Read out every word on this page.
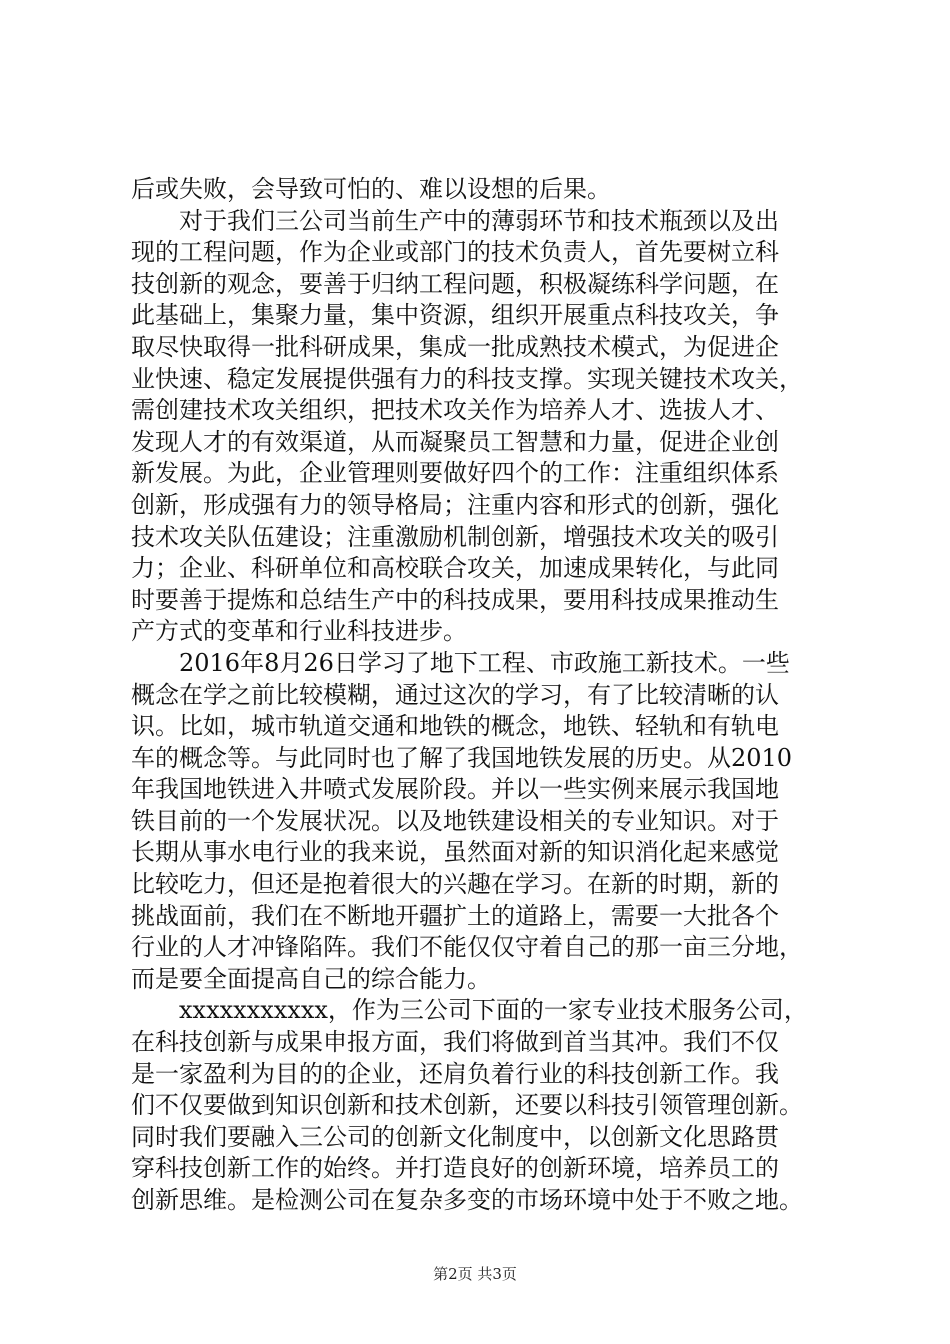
后或失败，会导致可怕的、难以设想的后果。
对于我们三公司当前生产中的薄弱环节和技术瓶颈以及出
现的工程问题，作为企业或部门的技术负责人，首先要树立科
技创新的观念，要善于归纳工程问题，积极凝练科学问题，在
此基础上，集聚力量，集中资源，组织开展重点科技攻关，争
取尽快取得一批科研成果，集成一批成熟技术模式，为促进企
业快速、稳定发展提供强有力的科技支撑。实现关键技术攻关，
需创建技术攻关组织，把技术攻关作为培养人才、选拔人才、
发现人才的有效渠道，从而凝聚员工智慧和力量，促进企业创
新发展。为此，企业管理则要做好四个的工作：注重组织体系
创新，形成强有力的领导格局；注重内容和形式的创新，强化
技术攻关队伍建设；注重激励机制创新，增强技术攻关的吸引
力；企业、科研单位和高校联合攻关，加速成果转化，与此同
时要善于提炼和总结生产中的科技成果，要用科技成果推动生
产方式的变革和行业科技进步。
2016年8月26日学习了地下工程、市政施工新技术。一些
概念在学之前比较模糊，通过这次的学习，有了比较清晰的认
识。比如，城市轨道交通和地铁的概念，地铁、轻轨和有轨电
车的概念等。与此同时也了解了我国地铁发展的历史。从2010
年我国地铁进入井喷式发展阶段。并以一些实例来展示我国地
铁目前的一个发展状况。以及地铁建设相关的专业知识。对于
长期从事水电行业的我来说，虽然面对新的知识消化起来感觉
比较吃力，但还是抱着很大的兴趣在学习。在新的时期，新的
挑战面前，我们在不断地开疆扩土的道路上，需要一大批各个
行业的人才冲锋陷阵。我们不能仅仅守着自己的那一亩三分地，
而是要全面提高自己的综合能力。
xxxxxxxxxxx，作为三公司下面的一家专业技术服务公司，
在科技创新与成果申报方面，我们将做到首当其冲。我们不仅
是一家盈利为目的的企业，还肩负着行业的科技创新工作。我
们不仅要做到知识创新和技术创新，还要以科技引领管理创新。
同时我们要融入三公司的创新文化制度中，以创新文化思路贯
穿科技创新工作的始终。并打造良好的创新环境，培养员工的
创新思维。是检测公司在复杂多变的市场环境中处于不败之地。
第2页 共3页
